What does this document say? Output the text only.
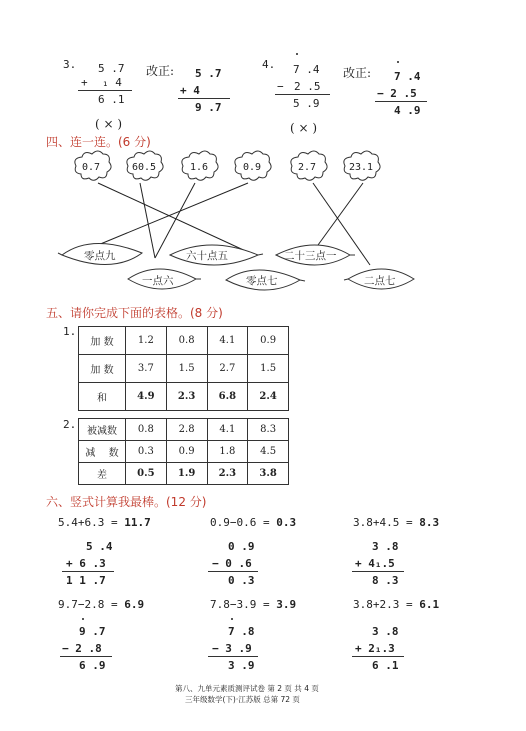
3. 5 .7
+ ₁ 4
6 .1
( × )
改正: 5 .7
+ 4
9 .7
4. 7 .4
− 2 .5
5 .9
( × )
改正: 7 .4
− 2 .5
4 .9
四、连一连。(6 分)
0.7	60.5	1.6	0.9	2.7	23.1
零点九
一点六
六十点五
零点七
二十三点一
二点七
五、请你完成下面的表格。(8 分)
1.
加 数	1.2	0.8	4.1	0.9
加 数	3.7	1.5	2.7	1.5
和	4.9	2.3	6.8	2.4
2.
被减数	0.8	2.8	4.1	8.3
减 　数	0.3	0.9	1.8	4.5
差	0.5	1.9	2.3	3.8
六、竖式计算我最棒。(12 分)
5.4+6.3 = 11.7
5 .4
+ 6 .3
1 1 .7
0.9−0.6 = 0.3
0 .9
− 0 .6
0 .3
3.8+4.5 = 8.3
3 .8
+ 4₁.5
8 .3
9.7−2.8 = 6.9
9 .7
− 2 .8
6 .9
7.8−3.9 = 3.9
7 .8
− 3 .9
3 .9
3.8+2.3 = 6.1
3 .8
+ 2₁.3
6 .1
第八、九单元素质测评试卷 第 2 页 共 4 页
三年级数学(下)·江苏版 总第 72 页
